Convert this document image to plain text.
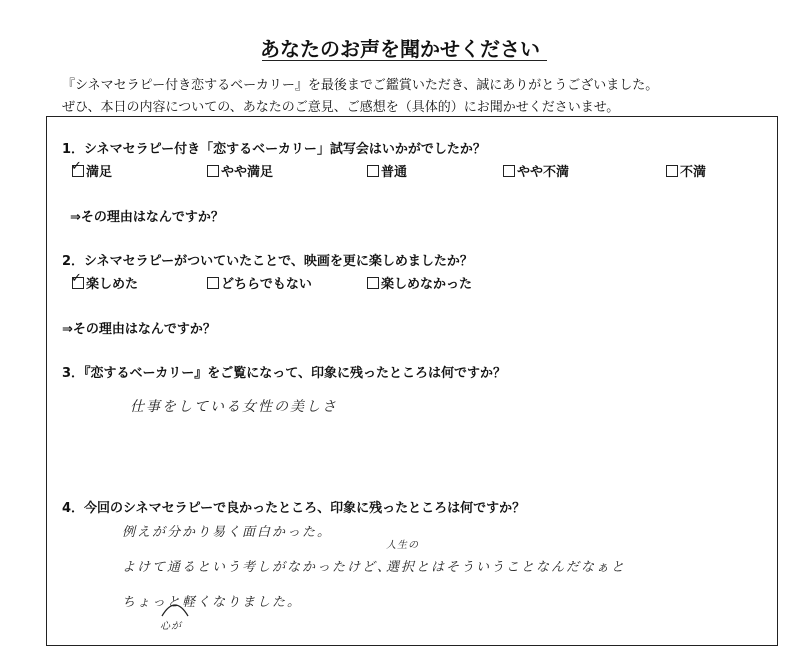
あなたのお声を聞かせください
『シネマセラピー付き恋するベーカリー』を最後までご鑑賞いただき、誠にありがとうございました。
ぜひ、本日の内容についての、あなたのご意見、ご感想を（具体的）にお聞かせくださいませ。
1．シネマセラピー付き「恋するベーカリー」試写会はいかがでしたか？
✓ 満足	やや満足	普通	やや不満	不満
⇒その理由はなんですか？
2．シネマセラピーがついていたことで、映画を更に楽しめましたか？
✓ 楽しめた	どちらでもない	楽しめなかった
⇒その理由はなんですか？
3．『恋するベーカリー』をご覧になって、印象に残ったところは何ですか？
仕事をしている女性の美しさ
4．今回のシネマセラピーで良かったところ、印象に残ったところは何ですか？
例えが分かり易く面白かった。
人生の
よけて通るという考しがなかったけど、
選択とはそういうことなんだなぁと
ちょっと軽くなりました。
心が
